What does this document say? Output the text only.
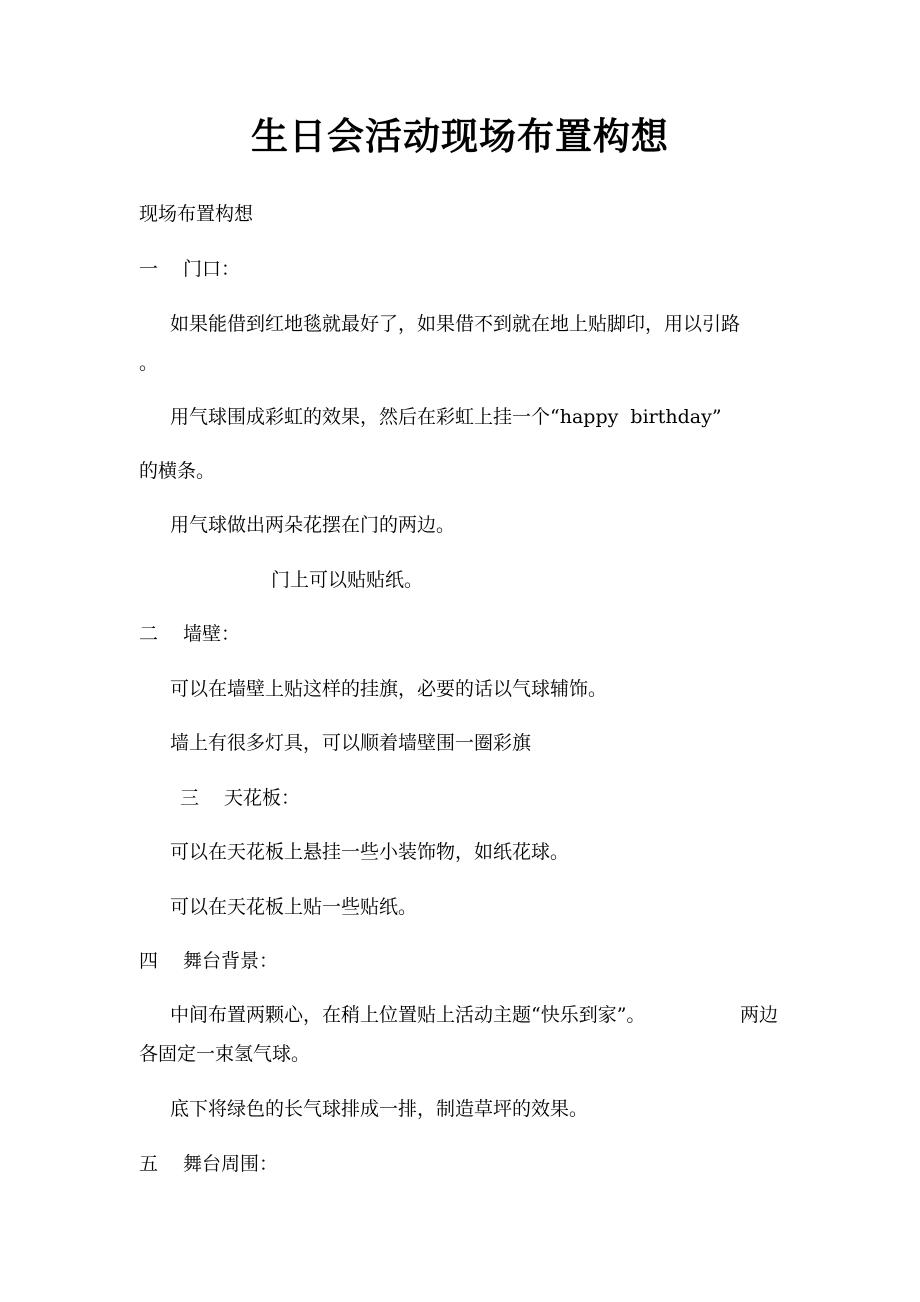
生日会活动现场布置构想
现场布置构想
一　 门口：
如果能借到红地毯就最好了，如果借不到就在地上贴脚印，用以引路
。
用气球围成彩虹的效果，然后在彩虹上挂一个“happy  birthday”
的横条。
用气球做出两朵花摆在门的两边。
门上可以贴贴纸。
二　 墙壁：
可以在墙壁上贴这样的挂旗，必要的话以气球辅饰。
墙上有很多灯具，可以顺着墙壁围一圈彩旗
三　 天花板：
可以在天花板上悬挂一些小装饰物，如纸花球。
可以在天花板上贴一些贴纸。
四　 舞台背景：
中间布置两颗心，在稍上位置贴上活动主题“快乐到家”。	两边
各固定一束氢气球。
底下将绿色的长气球排成一排，制造草坪的效果。
五　 舞台周围：
